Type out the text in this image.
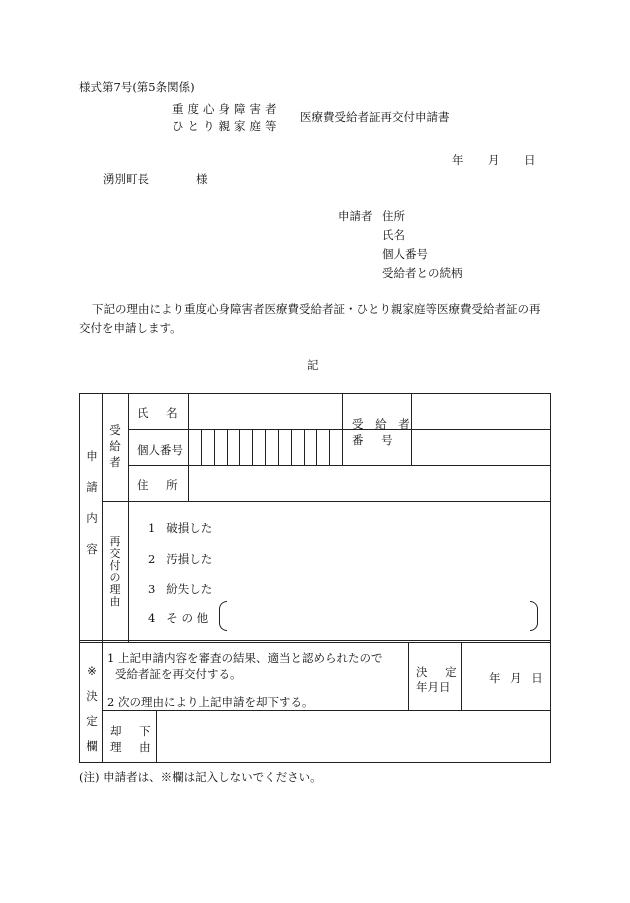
様式第7号(第5条関係)
重度心身障害者
ひとり親家庭等
医療費受給者証再交付申請書
年 月 日
湧別町長	様
申請者 住所
氏名
個人番号
受給者との続柄
下記の理由により重度心身障害者医療費受給者証・ひとり親家庭等医療費受給者証の再
交付を申請します。
記
申
請
内
容
受
給
者
氏 名
個人番号
住 所
受 給 者
番 号
再
交
付
の
理
由
1 破損した
2 汚損した
3 紛失した
4 そ の 他
※
決
定
欄
1 上記申請内容を審査の結果、適当と認められたので
受給者証を再交付する。
2 次の理由により上記申請を却下する。
決 定
年月日
年 月 日
却 下
理 由
(注) 申請者は、※欄は記入しないでください。
